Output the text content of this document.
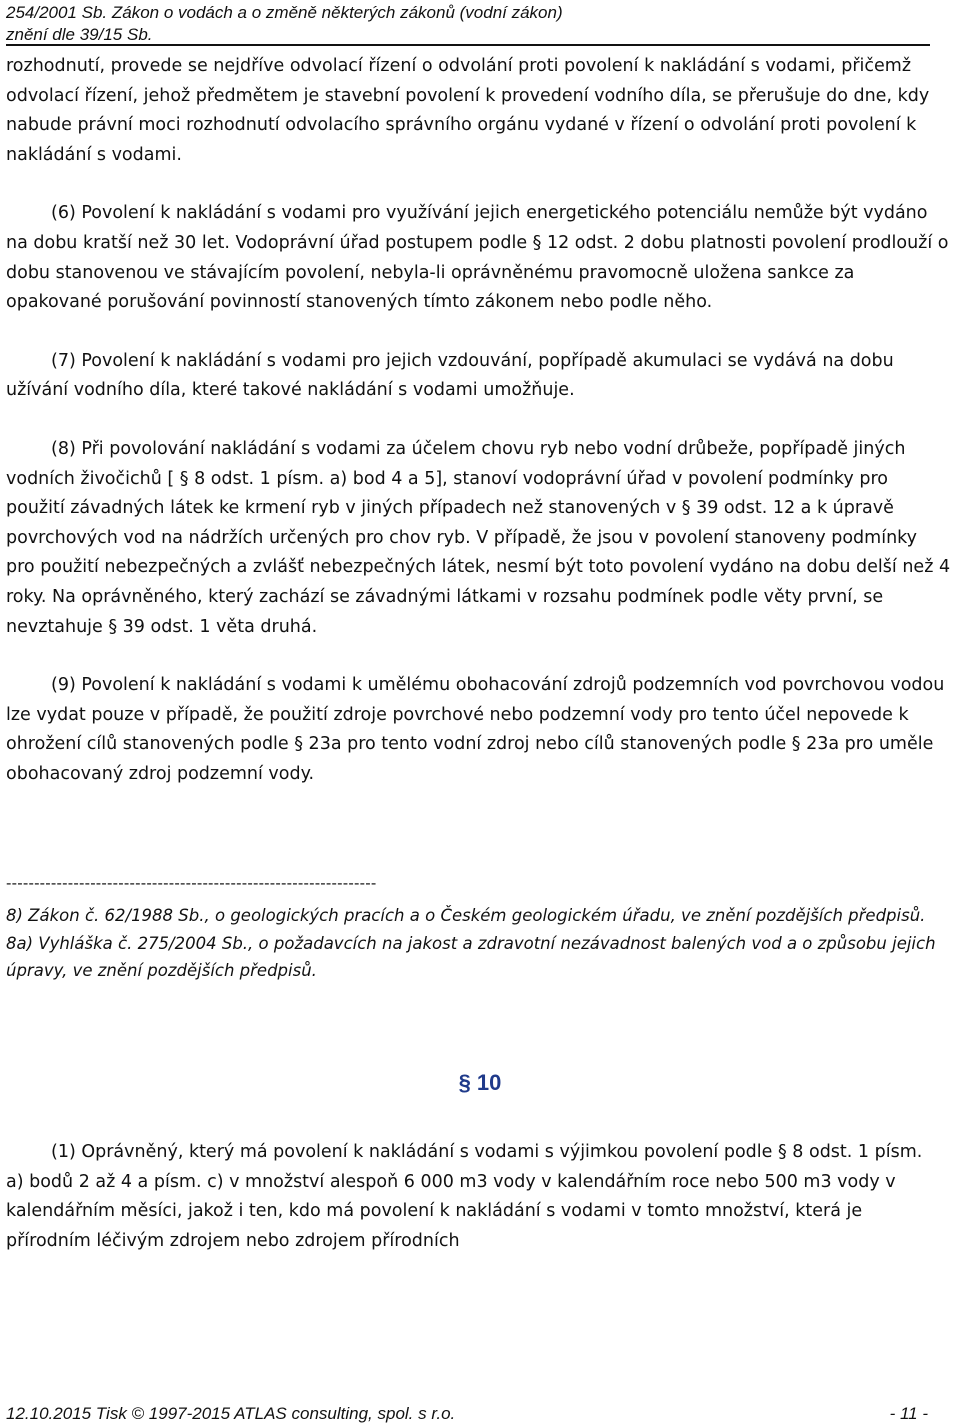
254/2001 Sb. Zákon o vodách a o změně některých zákonů (vodní zákon)
znění dle 39/15 Sb.

rozhodnutí, provede se nejdříve odvolací řízení o odvolání proti povolení k nakládání s vodami, přičemž odvolací řízení, jehož předmětem je stavební povolení k provedení vodního díla, se přerušuje do dne, kdy nabude právní moci rozhodnutí odvolacího správního orgánu vydané v řízení o odvolání proti povolení k nakládání s vodami.

(6) Povolení k nakládání s vodami pro využívání jejich energetického potenciálu nemůže být vydáno na dobu kratší než 30 let. Vodoprávní úřad postupem podle § 12 odst. 2 dobu platnosti povolení prodlouží o dobu stanovenou ve stávajícím povolení, nebyla-li oprávněnému pravomocně uložena sankce za opakované porušování povinností stanovených tímto zákonem nebo podle něho.

(7) Povolení k nakládání s vodami pro jejich vzdouvání, popřípadě akumulaci se vydává na dobu užívání vodního díla, které takové nakládání s vodami umožňuje.

(8) Při povolování nakládání s vodami za účelem chovu ryb nebo vodní drůbeže, popřípadě jiných vodních živočichů [ § 8 odst. 1 písm. a) bod 4 a 5], stanoví vodoprávní úřad v povolení podmínky pro použití závadných látek ke krmení ryb v jiných případech než stanovených v § 39 odst. 12 a k úpravě povrchových vod na nádržích určených pro chov ryb. V případě, že jsou v povolení stanoveny podmínky pro použití nebezpečných a zvlášť nebezpečných látek, nesmí být toto povolení vydáno na dobu delší než 4 roky. Na oprávněného, který zachází se závadnými látkami v rozsahu podmínek podle věty první, se nevztahuje § 39 odst. 1 věta druhá.

(9) Povolení k nakládání s vodami k umělému obohacování zdrojů podzemních vod povrchovou vodou lze vydat pouze v případě, že použití zdroje povrchové nebo podzemní vody pro tento účel nepovede k ohrožení cílů stanovených podle § 23a pro tento vodní zdroj nebo cílů stanovených podle § 23a pro uměle obohacovaný zdroj podzemní vody.

------------------------------------------------------------------

8) Zákon č. 62/1988 Sb., o geologických pracích a o Českém geologickém úřadu, ve znění pozdějších předpisů.

8a) Vyhláška č. 275/2004 Sb., o požadavcích na jakost a zdravotní nezávadnost balených vod a o způsobu jejich úpravy, ve znění pozdějších předpisů.

§ 10

(1) Oprávněný, který má povolení k nakládání s vodami s výjimkou povolení podle § 8 odst. 1 písm. a) bodů 2 až 4 a písm. c) v množství alespoň 6 000 m3 vody v kalendářním roce nebo 500 m3 vody v kalendářním měsíci, jakož i ten, kdo má povolení k nakládání s vodami v tomto množství, která je přírodním léčivým zdrojem nebo zdrojem přírodních

12.10.2015 Tisk © 1997-2015 ATLAS consulting, spol. s r.o.	- 11 -
